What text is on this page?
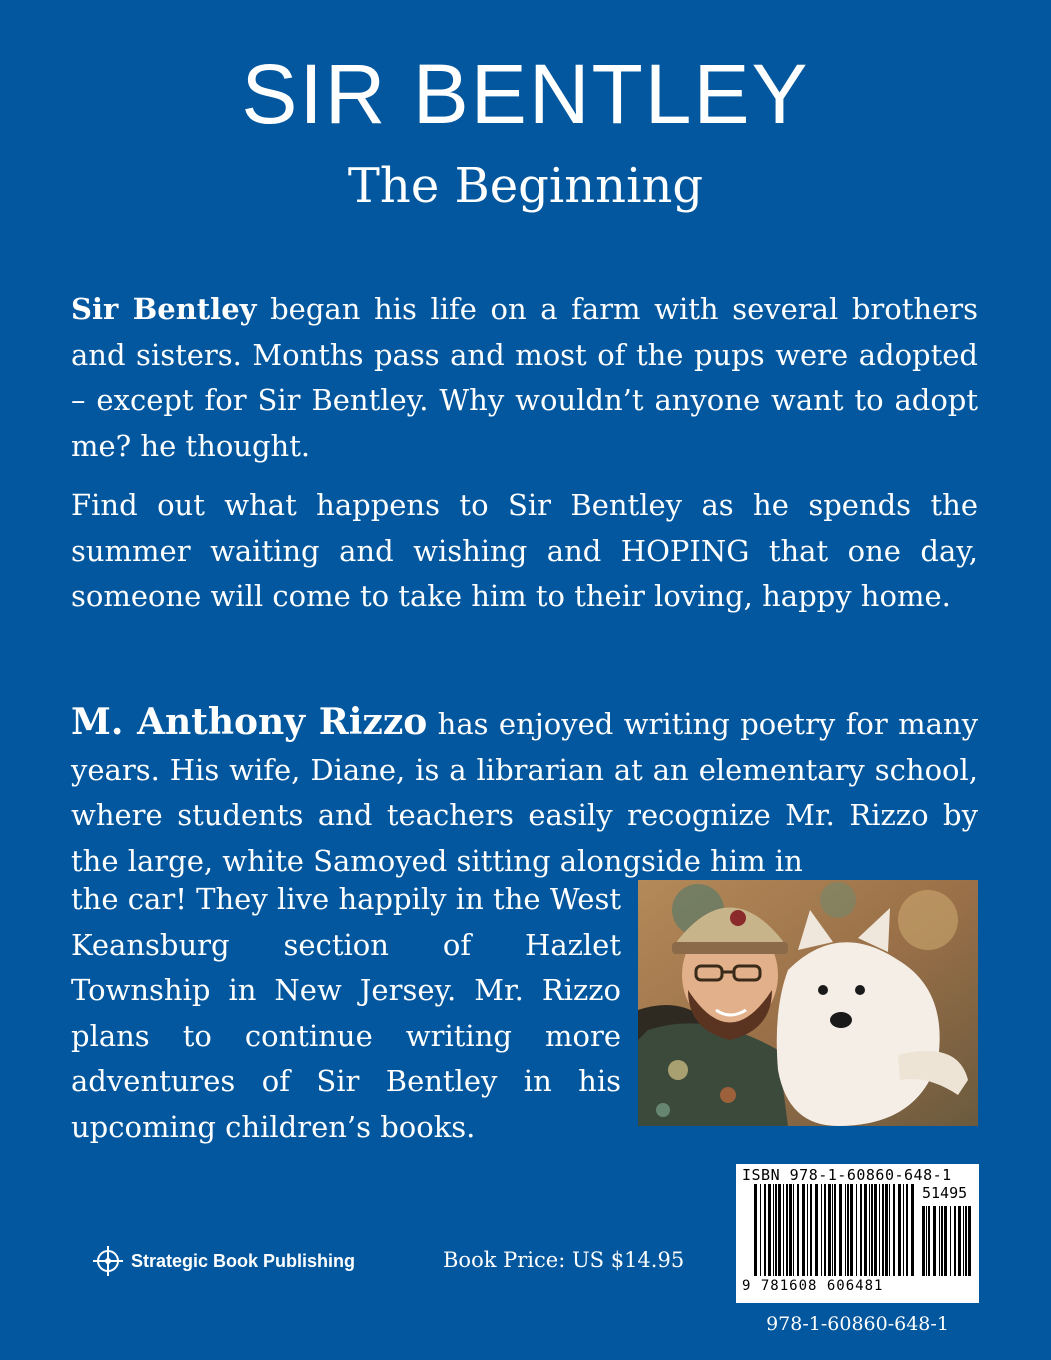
SIR BENTLEY
The Beginning

Sir Bentley began his life on a farm with several brothers and sisters. Months pass and most of the pups were adopted – except for Sir Bentley. Why wouldn’t anyone want to adopt me? he thought.

Find out what happens to Sir Bentley as he spends the summer waiting and wishing and HOPING that one day, someone will come to take him to their loving, happy home.

M. Anthony Rizzo has enjoyed writing poetry for many years. His wife, Diane, is a librarian at an elementary school, where students and teachers easily recognize Mr. Rizzo by the large, white Samoyed sitting alongside him in

the car! They live happily in the West Keansburg section of Hazlet Township in New Jersey. Mr. Rizzo plans to continue writing more adventures of Sir Bentley in his upcoming children’s books.

ISBN 978-1-60860-648-1
51495
9 781608 606481
978-1-60860-648-1
Strategic Book Publishing	Book Price: US $14.95
